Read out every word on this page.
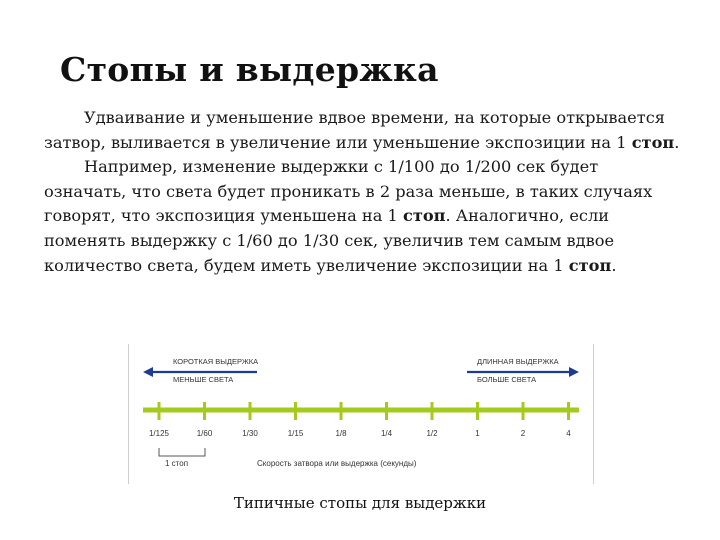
Стопы и выдержка

Удваивание и уменьшение вдвое времени, на которые открывается затвор, выливается в увеличение или уменьшение экспозиции на 1 стоп.

Например, изменение выдержки с 1/100 до 1/200 сек будет означать, что света будет проникать в 2 раза меньше, в таких случаях говорят, что экспозиция уменьшена на 1 стоп. Аналогично, если поменять выдержку с 1/60 до 1/30 сек, увеличив тем самым вдвое количество света, будем иметь увеличение экспозиции на 1 стоп.

КОРОТКАЯ ВЫДЕРЖКА
МЕНЬШЕ СВЕТА
ДЛИННАЯ ВЫДЕРЖКА
БОЛЬШЕ СВЕТА
1/125	1/60	1/30	1/15	1/8	1/4	1/2	1	2	4
1 стоп	Скорость затвора или выдержка (секунды)
Типичные стопы для выдержки
